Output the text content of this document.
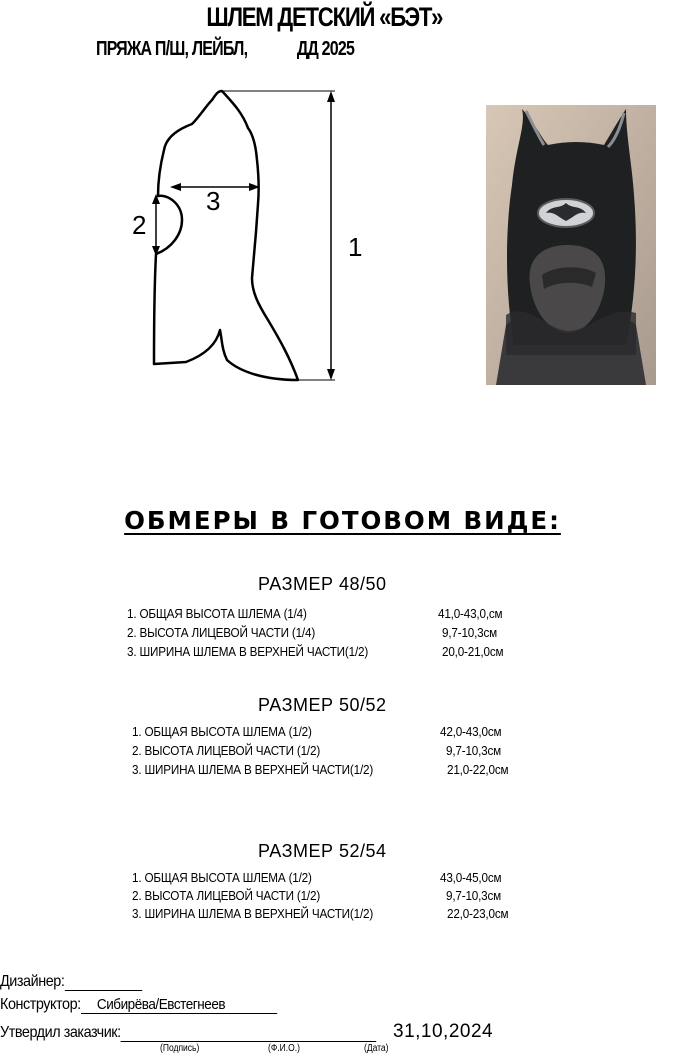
ШЛЕМ ДЕТСКИЙ «БЭТ»
ПРЯЖА П/Ш, ЛЕЙБЛ, ДД 2025
1
2
3
ОБМЕРЫ В ГОТОВОМ ВИДЕ:
РАЗМЕР 48/50
1. ОБЩАЯ ВЫСОТА ШЛЕМА (1/4)	41,0-43,0,см
2. ВЫСОТА ЛИЦЕВОЙ ЧАСТИ (1/4)	9,7-10,3см
3. ШИРИНА ШЛЕМА В ВЕРХНЕЙ ЧАСТИ(1/2)	20,0-21,0см
РАЗМЕР 50/52
1. ОБЩАЯ ВЫСОТА ШЛЕМА (1/2)	42,0-43,0см
2. ВЫСОТА ЛИЦЕВОЙ ЧАСТИ (1/2)	9,7-10,3см
3. ШИРИНА ШЛЕМА В ВЕРХНЕЙ ЧАСТИ(1/2)	21,0-22,0см
РАЗМЕР 52/54
1. ОБЩАЯ ВЫСОТА ШЛЕМА (1/2)	43,0-45,0см
2. ВЫСОТА ЛИЦЕВОЙ ЧАСТИ (1/2)	9,7-10,3см
3. ШИРИНА ШЛЕМА В ВЕРХНЕЙ ЧАСТИ(1/2)	22,0-23,0см
Дизайнер:
Конструктор: Сибирёва/Евстегнеев
Утвердил заказчик:	31,10,2024
(Подпись)	(Ф.И.О.)	(Дата)
